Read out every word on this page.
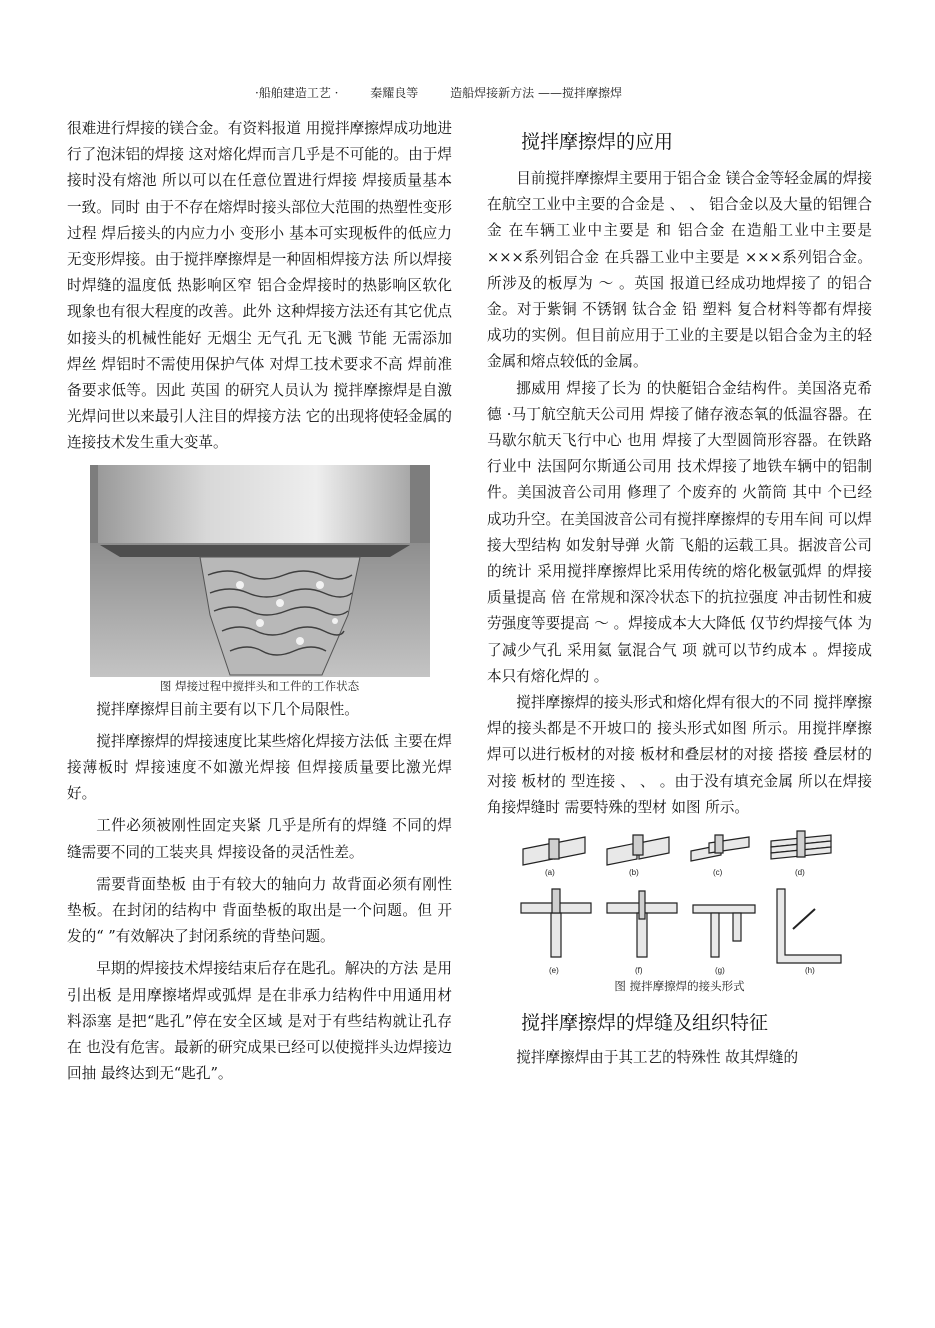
·船舶建造工艺 ·	秦耀良等	造船焊接新方法 ——搅拌摩擦焊

很难进行焊接的镁合金。有资料报道 用搅拌摩擦焊成功地进行了泡沫铝的焊接 这对熔化焊而言几乎是不可能的。由于焊接时没有熔池 所以可以在任意位置进行焊接 焊接质量基本一致。同时 由于不存在熔焊时接头部位大范围的热塑性变形过程 焊后接头的内应力小 变形小 基本可实现板件的低应力无变形焊接。由于搅拌摩擦焊是一种固相焊接方法 所以焊接时焊缝的温度低 热影响区窄 铝合金焊接时的热影响区软化现象也有很大程度的改善。此外 这种焊接方法还有其它优点 如接头的机械性能好 无烟尘 无气孔 无飞溅 节能 无需添加焊丝 焊铝时不需使用保护气体 对焊工技术要求不高 焊前准备要求低等。因此 英国 的研究人员认为 搅拌摩擦焊是自激光焊问世以来最引人注目的焊接方法 它的出现将使轻金属的连接技术发生重大变革。

图 焊接过程中搅拌头和工件的工作状态

搅拌摩擦焊目前主要有以下几个局限性。

搅拌摩擦焊的焊接速度比某些熔化焊接方法低 主要在焊接薄板时 焊接速度不如激光焊接 但焊接质量要比激光焊好。

工件必须被刚性固定夹紧 几乎是所有的焊缝 不同的焊缝需要不同的工装夹具 焊接设备的灵活性差。

需要背面垫板 由于有较大的轴向力 故背面必须有刚性垫板。在封闭的结构中 背面垫板的取出是一个问题。但 开发的“ ”有效解决了封闭系统的背垫问题。

早期的焊接技术焊接结束后存在匙孔。解决的方法 是用引出板 是用摩擦堵焊或弧焊 是在非承力结构件中用通用材料添塞 是把“匙孔”停在安全区域 是对于有些结构就让孔存在 也没有危害。最新的研究成果已经可以使搅拌头边焊接边回抽 最终达到无“匙孔”。

搅拌摩擦焊的应用

目前搅拌摩擦焊主要用于铝合金 镁合金等轻金属的焊接 在航空工业中主要的合金是 、 、 铝合金以及大量的铝锂合金 在车辆工业中主要是 和 铝合金 在造船工业中主要是 ×××系列铝合金 在兵器工业中主要是 ×××系列铝合金。所涉及的板厚为 ～ 。英国 报道已经成功地焊接了 的铝合金。对于紫铜 不锈钢 钛合金 铅 塑料 复合材料等都有焊接成功的实例。但目前应用于工业的主要是以铝合金为主的轻金属和熔点较低的金属。

挪威用 焊接了长为 的快艇铝合金结构件。美国洛克希德 ·马丁航空航天公司用 焊接了储存液态氧的低温容器。在马歇尔航天飞行中心 也用 焊接了大型圆筒形容器。在铁路行业中 法国阿尔斯通公司用 技术焊接了地铁车辆中的铝制件。美国波音公司用 修理了 个废弃的 火箭筒 其中 个已经成功升空。在美国波音公司有搅拌摩擦焊的专用车间 可以焊接大型结构 如发射导弹 火箭 飞船的运载工具。据波音公司的统计 采用搅拌摩擦焊比采用传统的熔化极氩弧焊 的焊接质量提高 倍 在常规和深冷状态下的抗拉强度 冲击韧性和疲劳强度等要提高 ～ 。焊接成本大大降低 仅节约焊接气体 为了减少气孔 采用氦 氩混合气 项 就可以节约成本 。焊接成本只有熔化焊的 。

搅拌摩擦焊的接头形式和熔化焊有很大的不同 搅拌摩擦焊的接头都是不开坡口的 接头形式如图 所示。用搅拌摩擦焊可以进行板材的对接 板材和叠层材的对接 搭接 叠层材的对接 板材的 型连接 、 、 。由于没有填充金属 所以在焊接角接焊缝时 需要特殊的型材 如图 所示。

(a)	(b)	(c)	(d)
(e)	(f)	(g)	(h)
图 搅拌摩擦焊的接头形式
搅拌摩擦焊的焊缝及组织特征

搅拌摩擦焊由于其工艺的特殊性 故其焊缝的
